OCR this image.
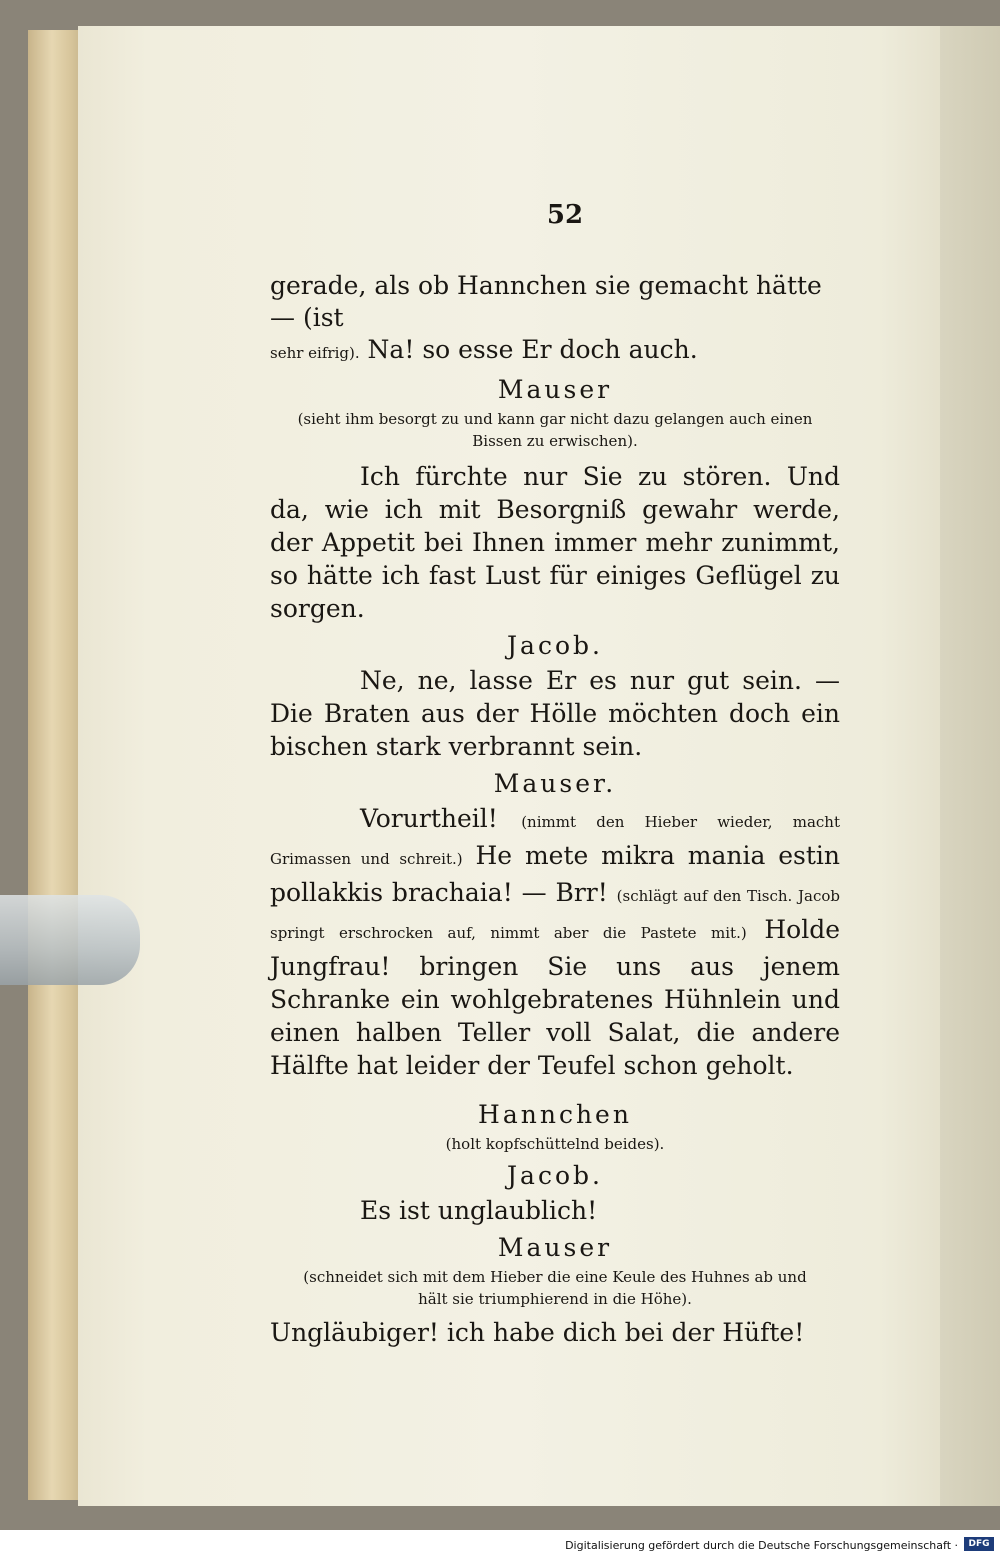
52

gerade, als ob Hannchen sie gemacht hätte — (ist

sehr eifrig). Na! so esse Er doch auch.

Mauser

(sieht ihm besorgt zu und kann gar nicht dazu gelangen auch einen

Bissen zu erwischen).

Ich fürchte nur Sie zu stören. Und da, wie ich mit Besorgniß gewahr werde, der Appetit bei Ihnen immer mehr zunimmt, so hätte ich fast Lust für einiges Geflügel zu sorgen.

Jacob.

Ne, ne, lasse Er es nur gut sein. — Die Braten aus der Hölle möchten doch ein bischen stark verbrannt sein.

Mauser.

Vorurtheil! (nimmt den Hieber wieder, macht Grimassen und schreit.) He mete mikra mania estin pollakkis brachaia! — Brr! (schlägt auf den Tisch. Jacob springt erschrocken auf, nimmt aber die Pastete mit.) Holde Jungfrau! bringen Sie uns aus jenem Schranke ein wohlgebratenes Hühnlein und einen halben Teller voll Salat, die andere Hälfte hat leider der Teufel schon geholt.

Hannchen

(holt kopfschüttelnd beides).

Jacob.

Es ist unglaublich!

Mauser

(schneidet sich mit dem Hieber die eine Keule des Huhnes ab und

hält sie triumphierend in die Höhe).

Ungläubiger! ich habe dich bei der Hüfte!

Digitalisierung gefördert durch die Deutsche Forschungsgemeinschaft ·	DFG
